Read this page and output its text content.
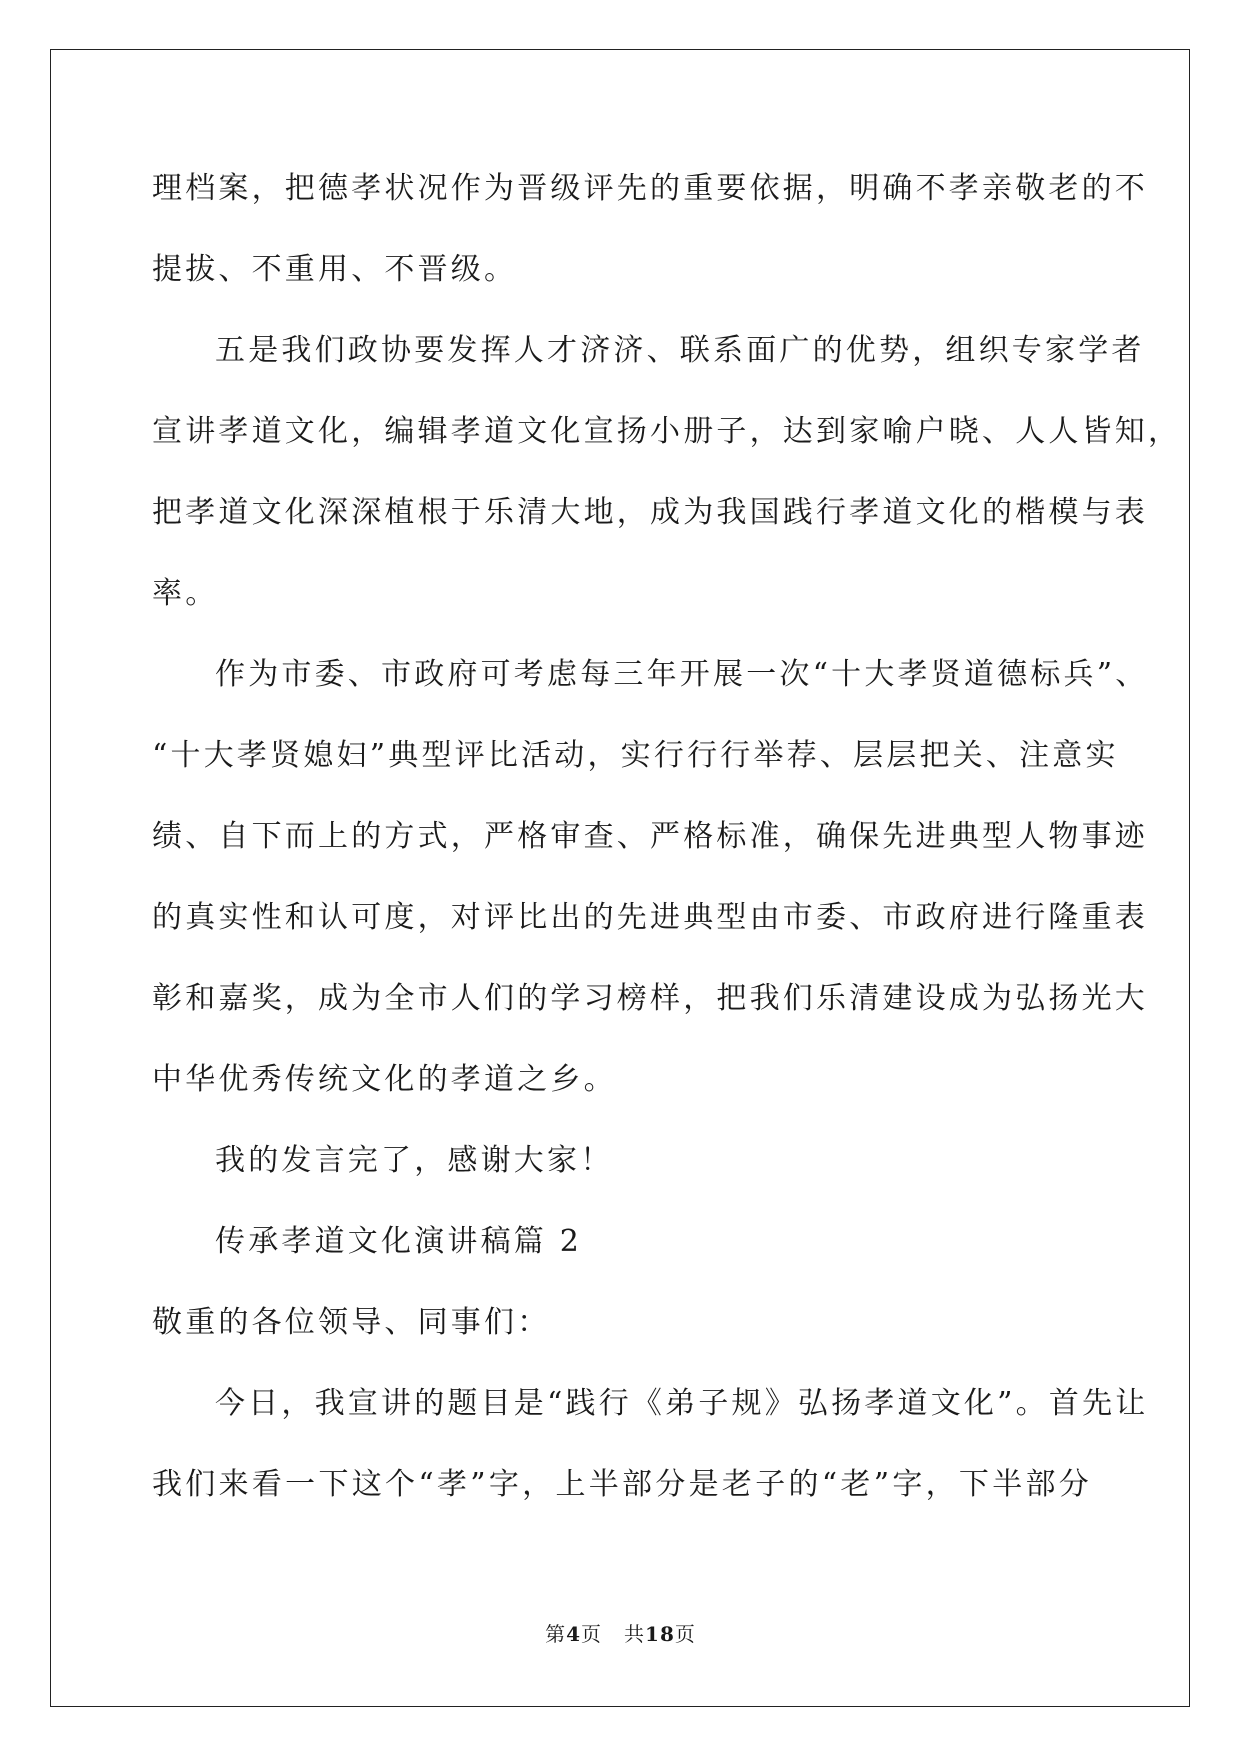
理档案，把德孝状况作为晋级评先的重要依据，明确不孝亲敬老的不
提拔、不重用、不晋级。
五是我们政协要发挥人才济济、联系面广的优势，组织专家学者
宣讲孝道文化，编辑孝道文化宣扬小册子，达到家喻户晓、人人皆知，
把孝道文化深深植根于乐清大地，成为我国践行孝道文化的楷模与表
率。
作为市委、市政府可考虑每三年开展一次“十大孝贤道德标兵”、
“十大孝贤媳妇”典型评比活动，实行行行举荐、层层把关、注意实
绩、自下而上的方式，严格审查、严格标准，确保先进典型人物事迹
的真实性和认可度，对评比出的先进典型由市委、市政府进行隆重表
彰和嘉奖，成为全市人们的学习榜样，把我们乐清建设成为弘扬光大
中华优秀传统文化的孝道之乡。
我的发言完了，感谢大家！
传承孝道文化演讲稿篇 2
敬重的各位领导、同事们：
今日，我宣讲的题目是“践行《弟子规》弘扬孝道文化”。首先让
我们来看一下这个“孝”字，上半部分是老子的“老”字，下半部分
第4页 共18页
